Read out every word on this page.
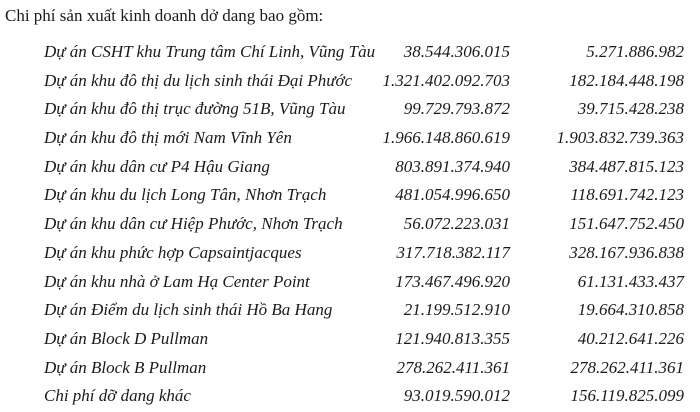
Chi phí sản xuất kinh doanh dở dang bao gồm:
Dự án CSHT khu Trung tâm Chí Linh, Vũng Tàu 38.544.306.015	5.271.886.982
Dự án khu đô thị du lịch sinh thái Đại Phước 1.321.402.092.703	182.184.448.198
Dự án khu đô thị trục đường 51B, Vũng Tàu	99.729.793.872	39.715.428.238
Dự án khu đô thị mới Nam Vĩnh Yên	1.966.148.860.619	1.903.832.739.363
Dự án khu dân cư P4 Hậu Giang	803.891.374.940	384.487.815.123
Dự án khu du lịch Long Tân, Nhơn Trạch	481.054.996.650	118.691.742.123
Dự án khu dân cư Hiệp Phước, Nhơn Trạch	56.072.223.031	151.647.752.450
Dự án khu phức hợp Capsaintjacques	317.718.382.117	328.167.936.838
Dự án khu nhà ở Lam Hạ Center Point	173.467.496.920	61.131.433.437
Dự án Điểm du lịch sinh thái Hồ Ba Hang	21.199.512.910	19.664.310.858
Dự án Block D Pullman	121.940.813.355	40.212.641.226
Dự án Block B Pullman	278.262.411.361	278.262.411.361
Chi phí dỡ dang khác	93.019.590.012	156.119.825.099
